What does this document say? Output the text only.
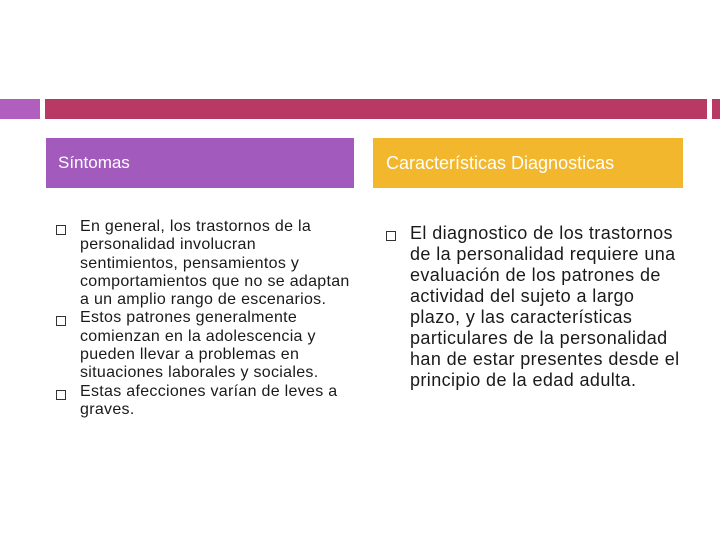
Síntomas	Características Diagnosticas
En general, los trastornos de la personalidad involucran sentimientos, pensamientos y comportamientos que no se adaptan a un amplio rango de escenarios.
Estos patrones generalmente comienzan en la adolescencia y pueden llevar a problemas en situaciones laborales y sociales.
Estas afecciones varían de leves a graves.
El diagnostico de los trastornos de la personalidad requiere una evaluación de los patrones de actividad del sujeto a largo plazo, y las características particulares de la personalidad han de estar presentes desde el principio de la edad adulta.
